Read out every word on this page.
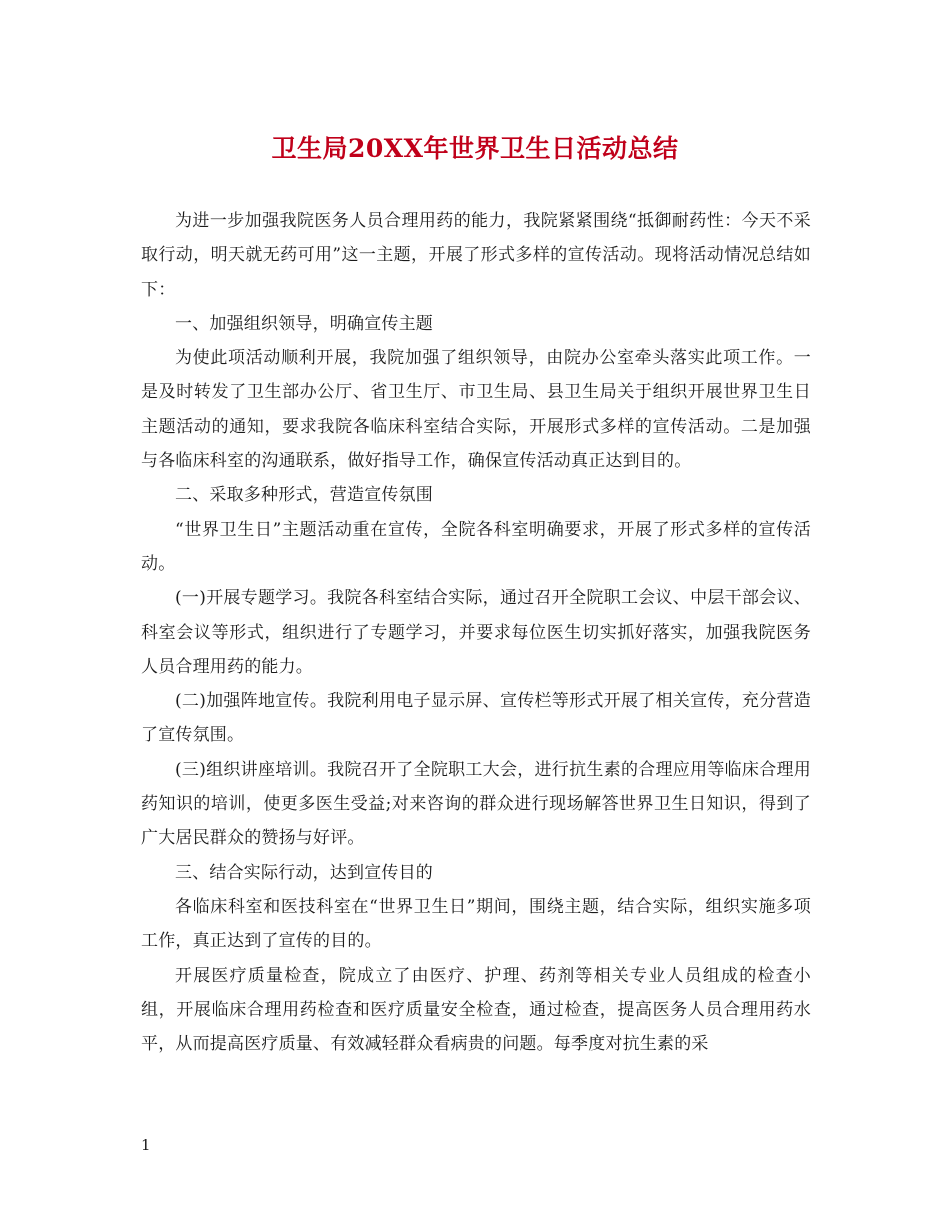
卫生局20XX年世界卫生日活动总结

为进一步加强我院医务人员合理用药的能力，我院紧紧围绕“抵御耐药性：今天不采取行动，明天就无药可用”这一主题，开展了形式多样的宣传活动。现将活动情况总结如下：

一、加强组织领导，明确宣传主题

为使此项活动顺利开展，我院加强了组织领导，由院办公室牵头落实此项工作。一是及时转发了卫生部办公厅、省卫生厅、市卫生局、县卫生局关于组织开展世界卫生日主题活动的通知，要求我院各临床科室结合实际，开展形式多样的宣传活动。二是加强与各临床科室的沟通联系，做好指导工作，确保宣传活动真正达到目的。

二、采取多种形式，营造宣传氛围

“世界卫生日”主题活动重在宣传，全院各科室明确要求，开展了形式多样的宣传活动。

(一)开展专题学习。我院各科室结合实际，通过召开全院职工会议、中层干部会议、科室会议等形式，组织进行了专题学习，并要求每位医生切实抓好落实，加强我院医务人员合理用药的能力。

(二)加强阵地宣传。我院利用电子显示屏、宣传栏等形式开展了相关宣传，充分营造了宣传氛围。

(三)组织讲座培训。我院召开了全院职工大会，进行抗生素的合理应用等临床合理用药知识的培训，使更多医生受益;对来咨询的群众进行现场解答世界卫生日知识，得到了广大居民群众的赞扬与好评。

三、结合实际行动，达到宣传目的

各临床科室和医技科室在“世界卫生日”期间，围绕主题，结合实际，组织实施多项工作，真正达到了宣传的目的。

开展医疗质量检查，院成立了由医疗、护理、药剂等相关专业人员组成的检查小组，开展临床合理用药检查和医疗质量安全检查，通过检查，提高医务人员合理用药水平，从而提高医疗质量、有效减轻群众看病贵的问题。每季度对抗生素的采

1
